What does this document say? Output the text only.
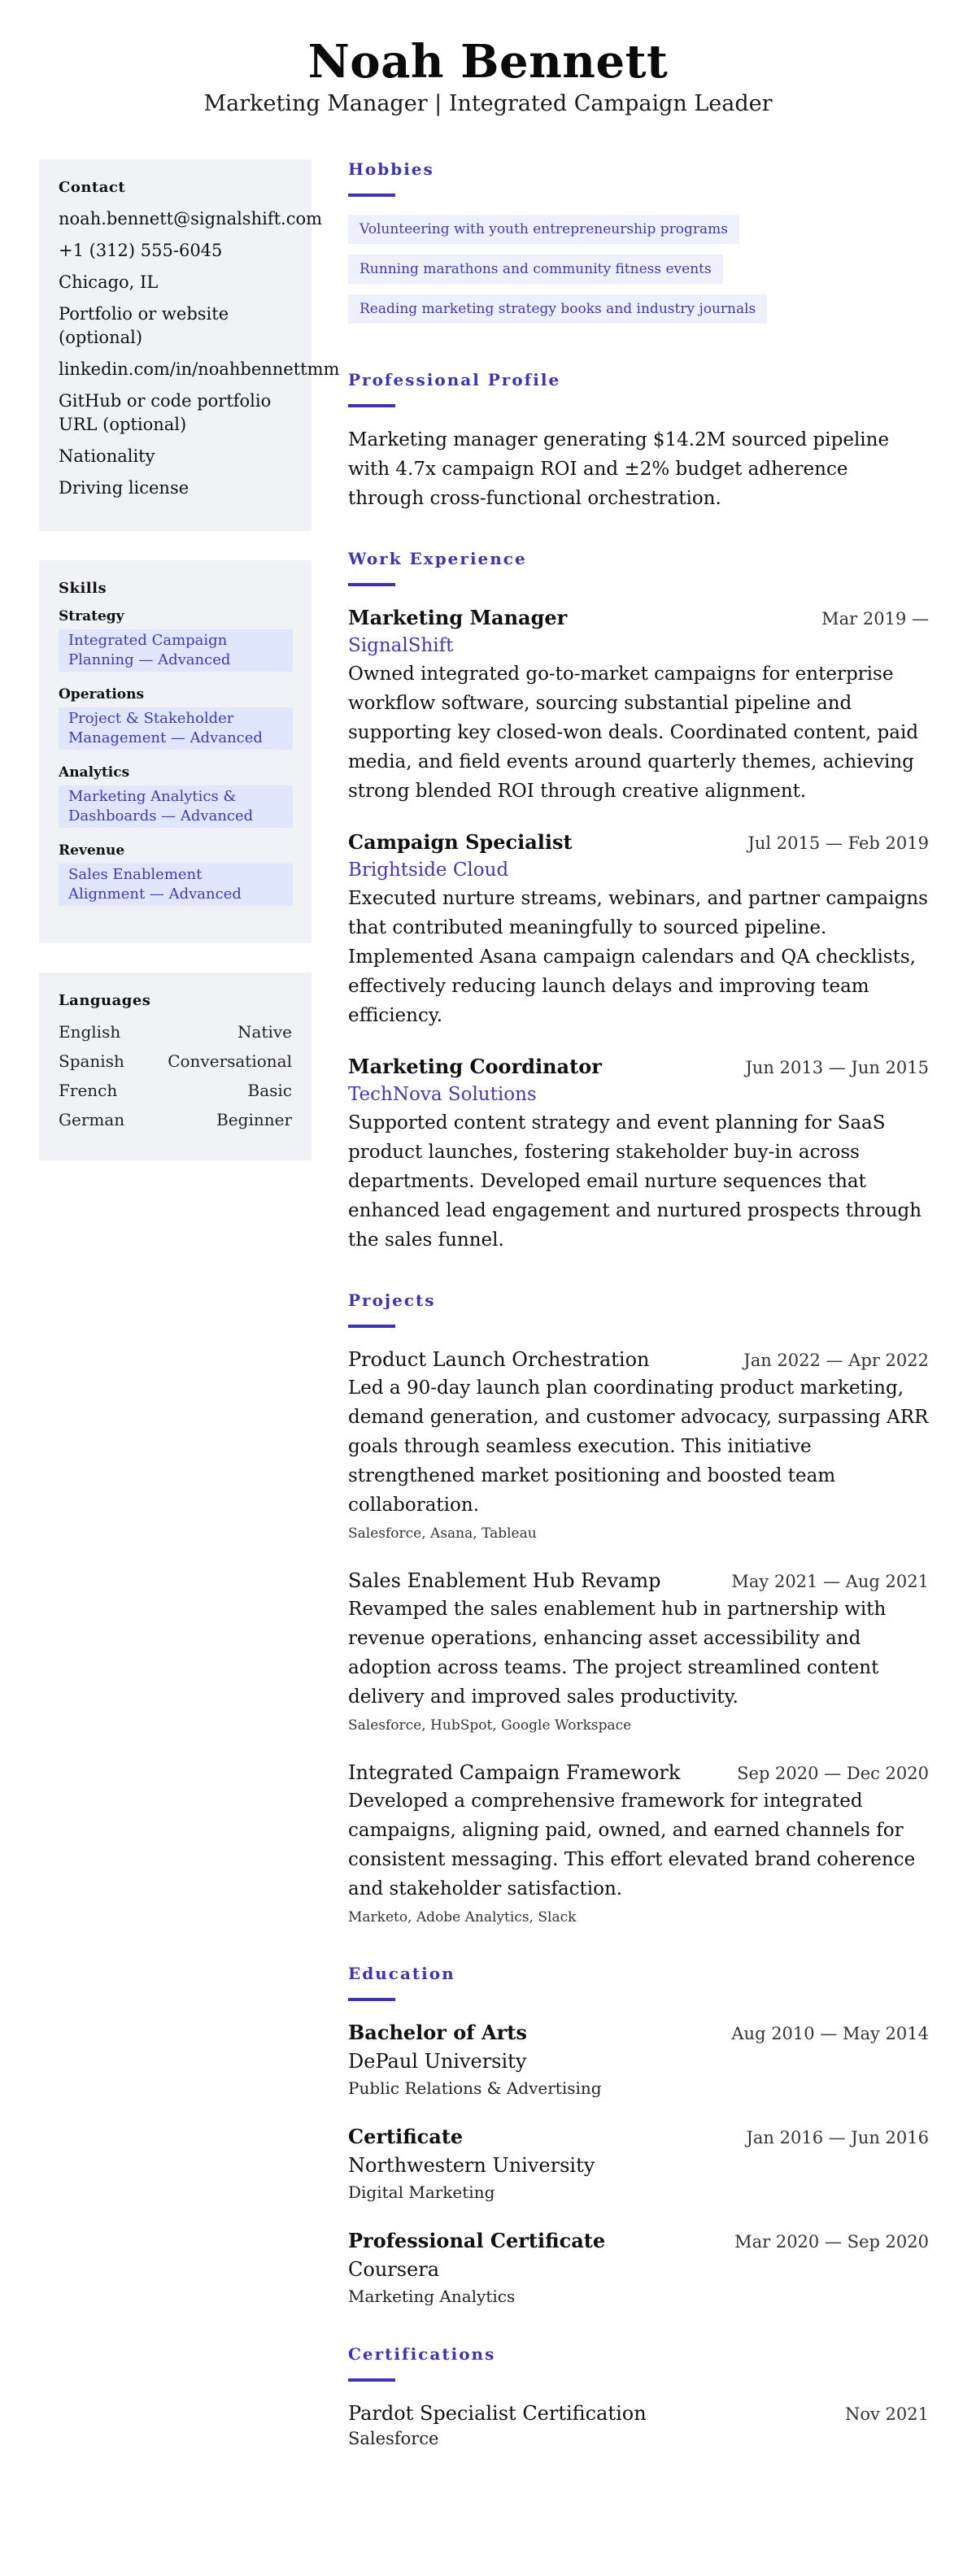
Noah Bennett
Marketing Manager | Integrated Campaign Leader
Contact
noah.bennett@signalshift.com
+1 (312) 555-6045
Chicago, IL
Portfolio or website (optional)
linkedin.com/in/noahbennettmm
GitHub or code portfolio URL (optional)
Nationality
Driving license
Skills
Strategy
Integrated Campaign Planning — Advanced
Operations
Project & Stakeholder Management — Advanced
Analytics
Marketing Analytics & Dashboards — Advanced
Revenue
Sales Enablement Alignment — Advanced
Languages
English	Native
Spanish	Conversational
French	Basic
German	Beginner
Hobbies
Volunteering with youth entrepreneurship programs
Running marathons and community fitness events
Reading marketing strategy books and industry journals
Professional Profile

Marketing manager generating $14.2M sourced pipeline with 4.7x campaign ROI and ±2% budget adherence through cross-functional orchestration.

Work Experience
Marketing Manager	Mar 2019 —
SignalShift

Owned integrated go-to-market campaigns for enterprise workflow software, sourcing substantial pipeline and supporting key closed-won deals. Coordinated content, paid media, and field events around quarterly themes, achieving strong blended ROI through creative alignment.

Campaign Specialist	Jul 2015 — Feb 2019
Brightside Cloud

Executed nurture streams, webinars, and partner campaigns that contributed meaningfully to sourced pipeline. Implemented Asana campaign calendars and QA checklists, effectively reducing launch delays and improving team efficiency.

Marketing Coordinator	Jun 2013 — Jun 2015
TechNova Solutions

Supported content strategy and event planning for SaaS product launches, fostering stakeholder buy-in across departments. Developed email nurture sequences that enhanced lead engagement and nurtured prospects through the sales funnel.

Projects
Product Launch Orchestration	Jan 2022 — Apr 2022

Led a 90-day launch plan coordinating product marketing, demand generation, and customer advocacy, surpassing ARR goals through seamless execution. This initiative strengthened market positioning and boosted team collaboration.

Salesforce, Asana, Tableau
Sales Enablement Hub Revamp	May 2021 — Aug 2021

Revamped the sales enablement hub in partnership with revenue operations, enhancing asset accessibility and adoption across teams. The project streamlined content delivery and improved sales productivity.

Salesforce, HubSpot, Google Workspace
Integrated Campaign Framework	Sep 2020 — Dec 2020

Developed a comprehensive framework for integrated campaigns, aligning paid, owned, and earned channels for consistent messaging. This effort elevated brand coherence and stakeholder satisfaction.

Marketo, Adobe Analytics, Slack
Education
Bachelor of Arts	Aug 2010 — May 2014
DePaul University
Public Relations & Advertising
Certificate	Jan 2016 — Jun 2016
Northwestern University
Digital Marketing
Professional Certificate	Mar 2020 — Sep 2020
Coursera
Marketing Analytics
Certifications
Pardot Specialist Certification	Nov 2021
Salesforce
